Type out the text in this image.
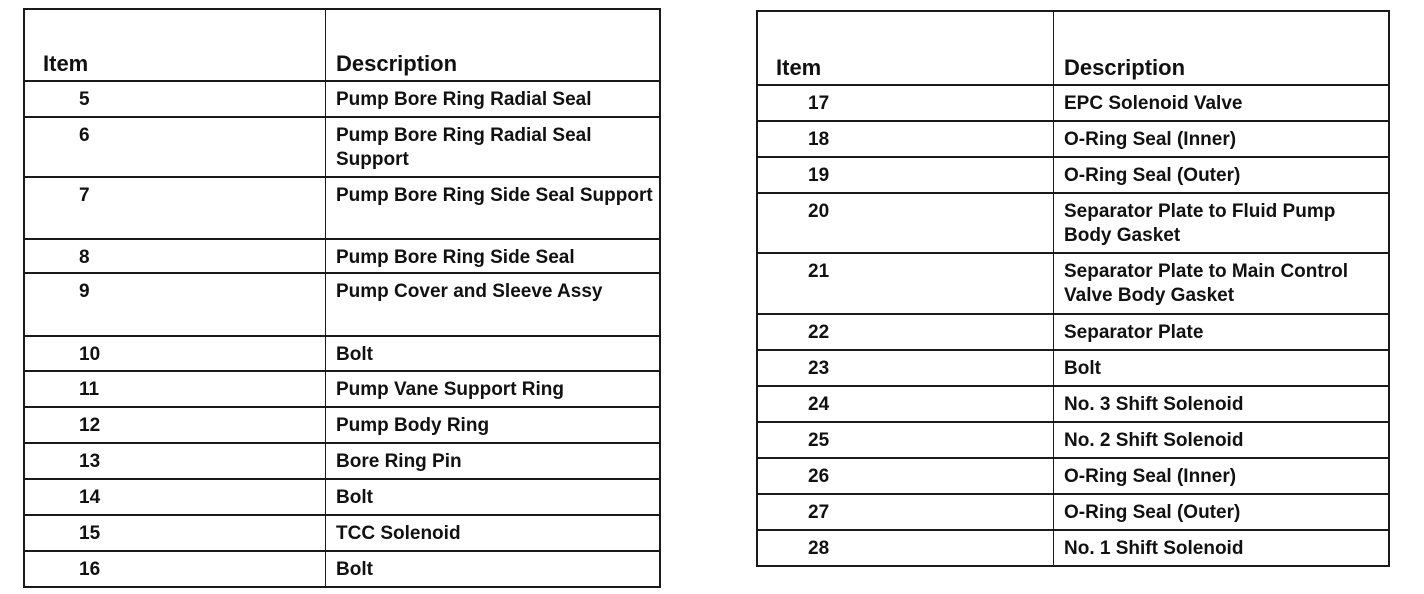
Item	Description
5	Pump Bore Ring Radial Seal
6	Pump Bore Ring Radial Seal Support
7	Pump Bore Ring Side Seal Support
8	Pump Bore Ring Side Seal
9	Pump Cover and Sleeve Assy
10	Bolt
11	Pump Vane Support Ring
12	Pump Body Ring
13	Bore Ring Pin
14	Bolt
15	TCC Solenoid
16	Bolt
Item	Description
17	EPC Solenoid Valve
18	O-Ring Seal (Inner)
19	O-Ring Seal (Outer)
20	Separator Plate to Fluid Pump Body Gasket
21	Separator Plate to Main Control Valve Body Gasket
22	Separator Plate
23	Bolt
24	No. 3 Shift Solenoid
25	No. 2 Shift Solenoid
26	O-Ring Seal (Inner)
27	O-Ring Seal (Outer)
28	No. 1 Shift Solenoid
